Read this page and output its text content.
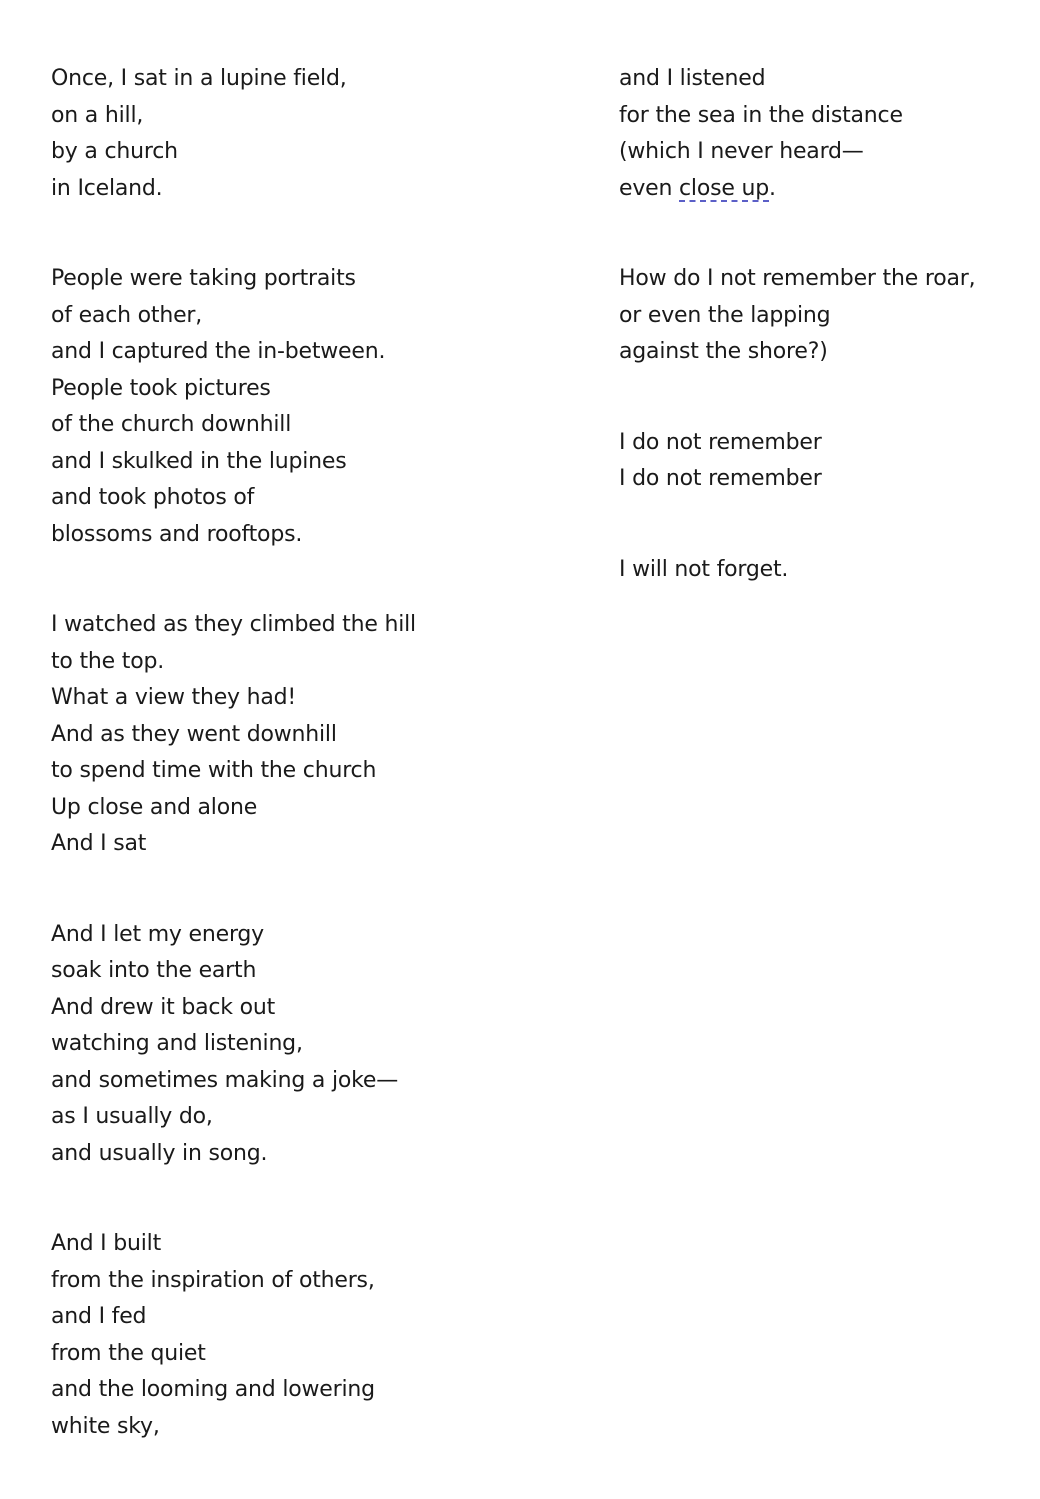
Once, I sat in a lupine field,
on a hill,
by a church
in Iceland.
People were taking portraits
of each other,
and I captured the in-between.
People took pictures
of the church downhill
and I skulked in the lupines
and took photos of
blossoms and rooftops.
I watched as they climbed the hill
to the top.
What a view they had!
And as they went downhill
to spend time with the church
Up close and alone
And I sat
And I let my energy
soak into the earth
And drew it back out
watching and listening,
and sometimes making a joke—
as I usually do,
and usually in song.
And I built
from the inspiration of others,
and I fed
from the quiet
and the looming and lowering
white sky,
and I listened
for the sea in the distance
(which I never heard—
even close up.
How do I not remember the roar,
or even the lapping
against the shore?)
I do not remember
I do not remember
I will not forget.
